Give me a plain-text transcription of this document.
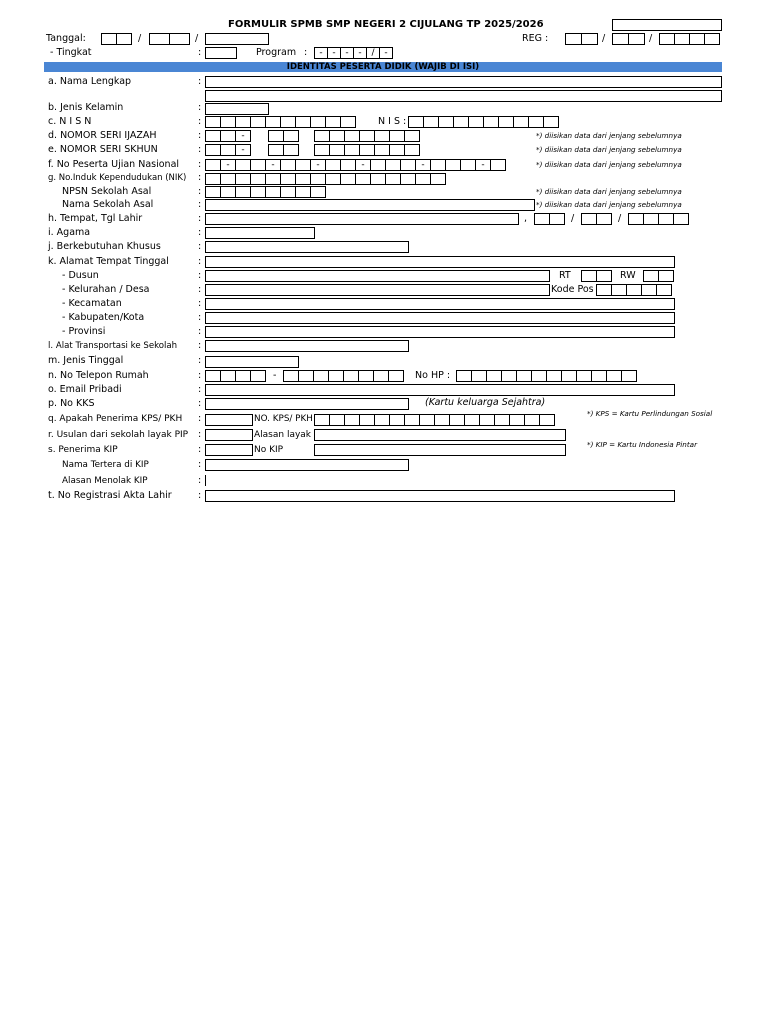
FORMULIR SPMB SMP NEGERI 2 CIJULANG TP 2025/2026
Tanggal:	/	/	REG :	/	/
- Tingkat	:	Program :	-	-	-	-	/	-
IDENTITAS PESERTA DIDIK (WAJIB DI ISI)
a. Nama Lengkap	:
b. Jenis Kelamin	:
c. N I S N	:	N I S :
d. NOMOR SERI IJAZAH	:	-	*) diisikan data dari jenjang sebelumnya
e. NOMOR SERI SKHUN	:	-	*) diisikan data dari jenjang sebelumnya
f. No Peserta Ujian Nasional :	-	-	-	-	-	-	*) diisikan data dari jenjang sebelumnya
g. No.Induk Kependudukan (NIK) :
NPSN Sekolah Asal	:	*) diisikan data dari jenjang sebelumnya
Nama Sekolah Asal	:	*) diisikan data dari jenjang sebelumnya
h. Tempat, Tgl Lahir	:	,	/	/
i. Agama	:
j. Berkebutuhan Khusus	:
k. Alamat Tempat Tinggal	:
- Dusun	:	RT	RW
- Kelurahan / Desa	:	Kode Pos
- Kecamatan	:
- Kabupaten/Kota	:
- Provinsi	:
l. Alat Transportasi ke Sekolah :
m. Jenis Tinggal	:
n. No Telepon Rumah	:	-	No HP :
o. Email Pribadi	:
p. No KKS	:	(Kartu keluarga Sejahtra)
q. Apakah Penerima KPS/ PKH :	NO. KPS/ PKH
*) KPS = Kartu Perlindungan Sosial
r. Usulan dari sekolah layak PIP :	Alasan layak
s. Penerima KIP	:	No KIP
*) KIP = Kartu Indonesia Pintar
Nama Tertera di KIP	:
Alasan Menolak KIP	:
t. No Registrasi Akta Lahir	:
